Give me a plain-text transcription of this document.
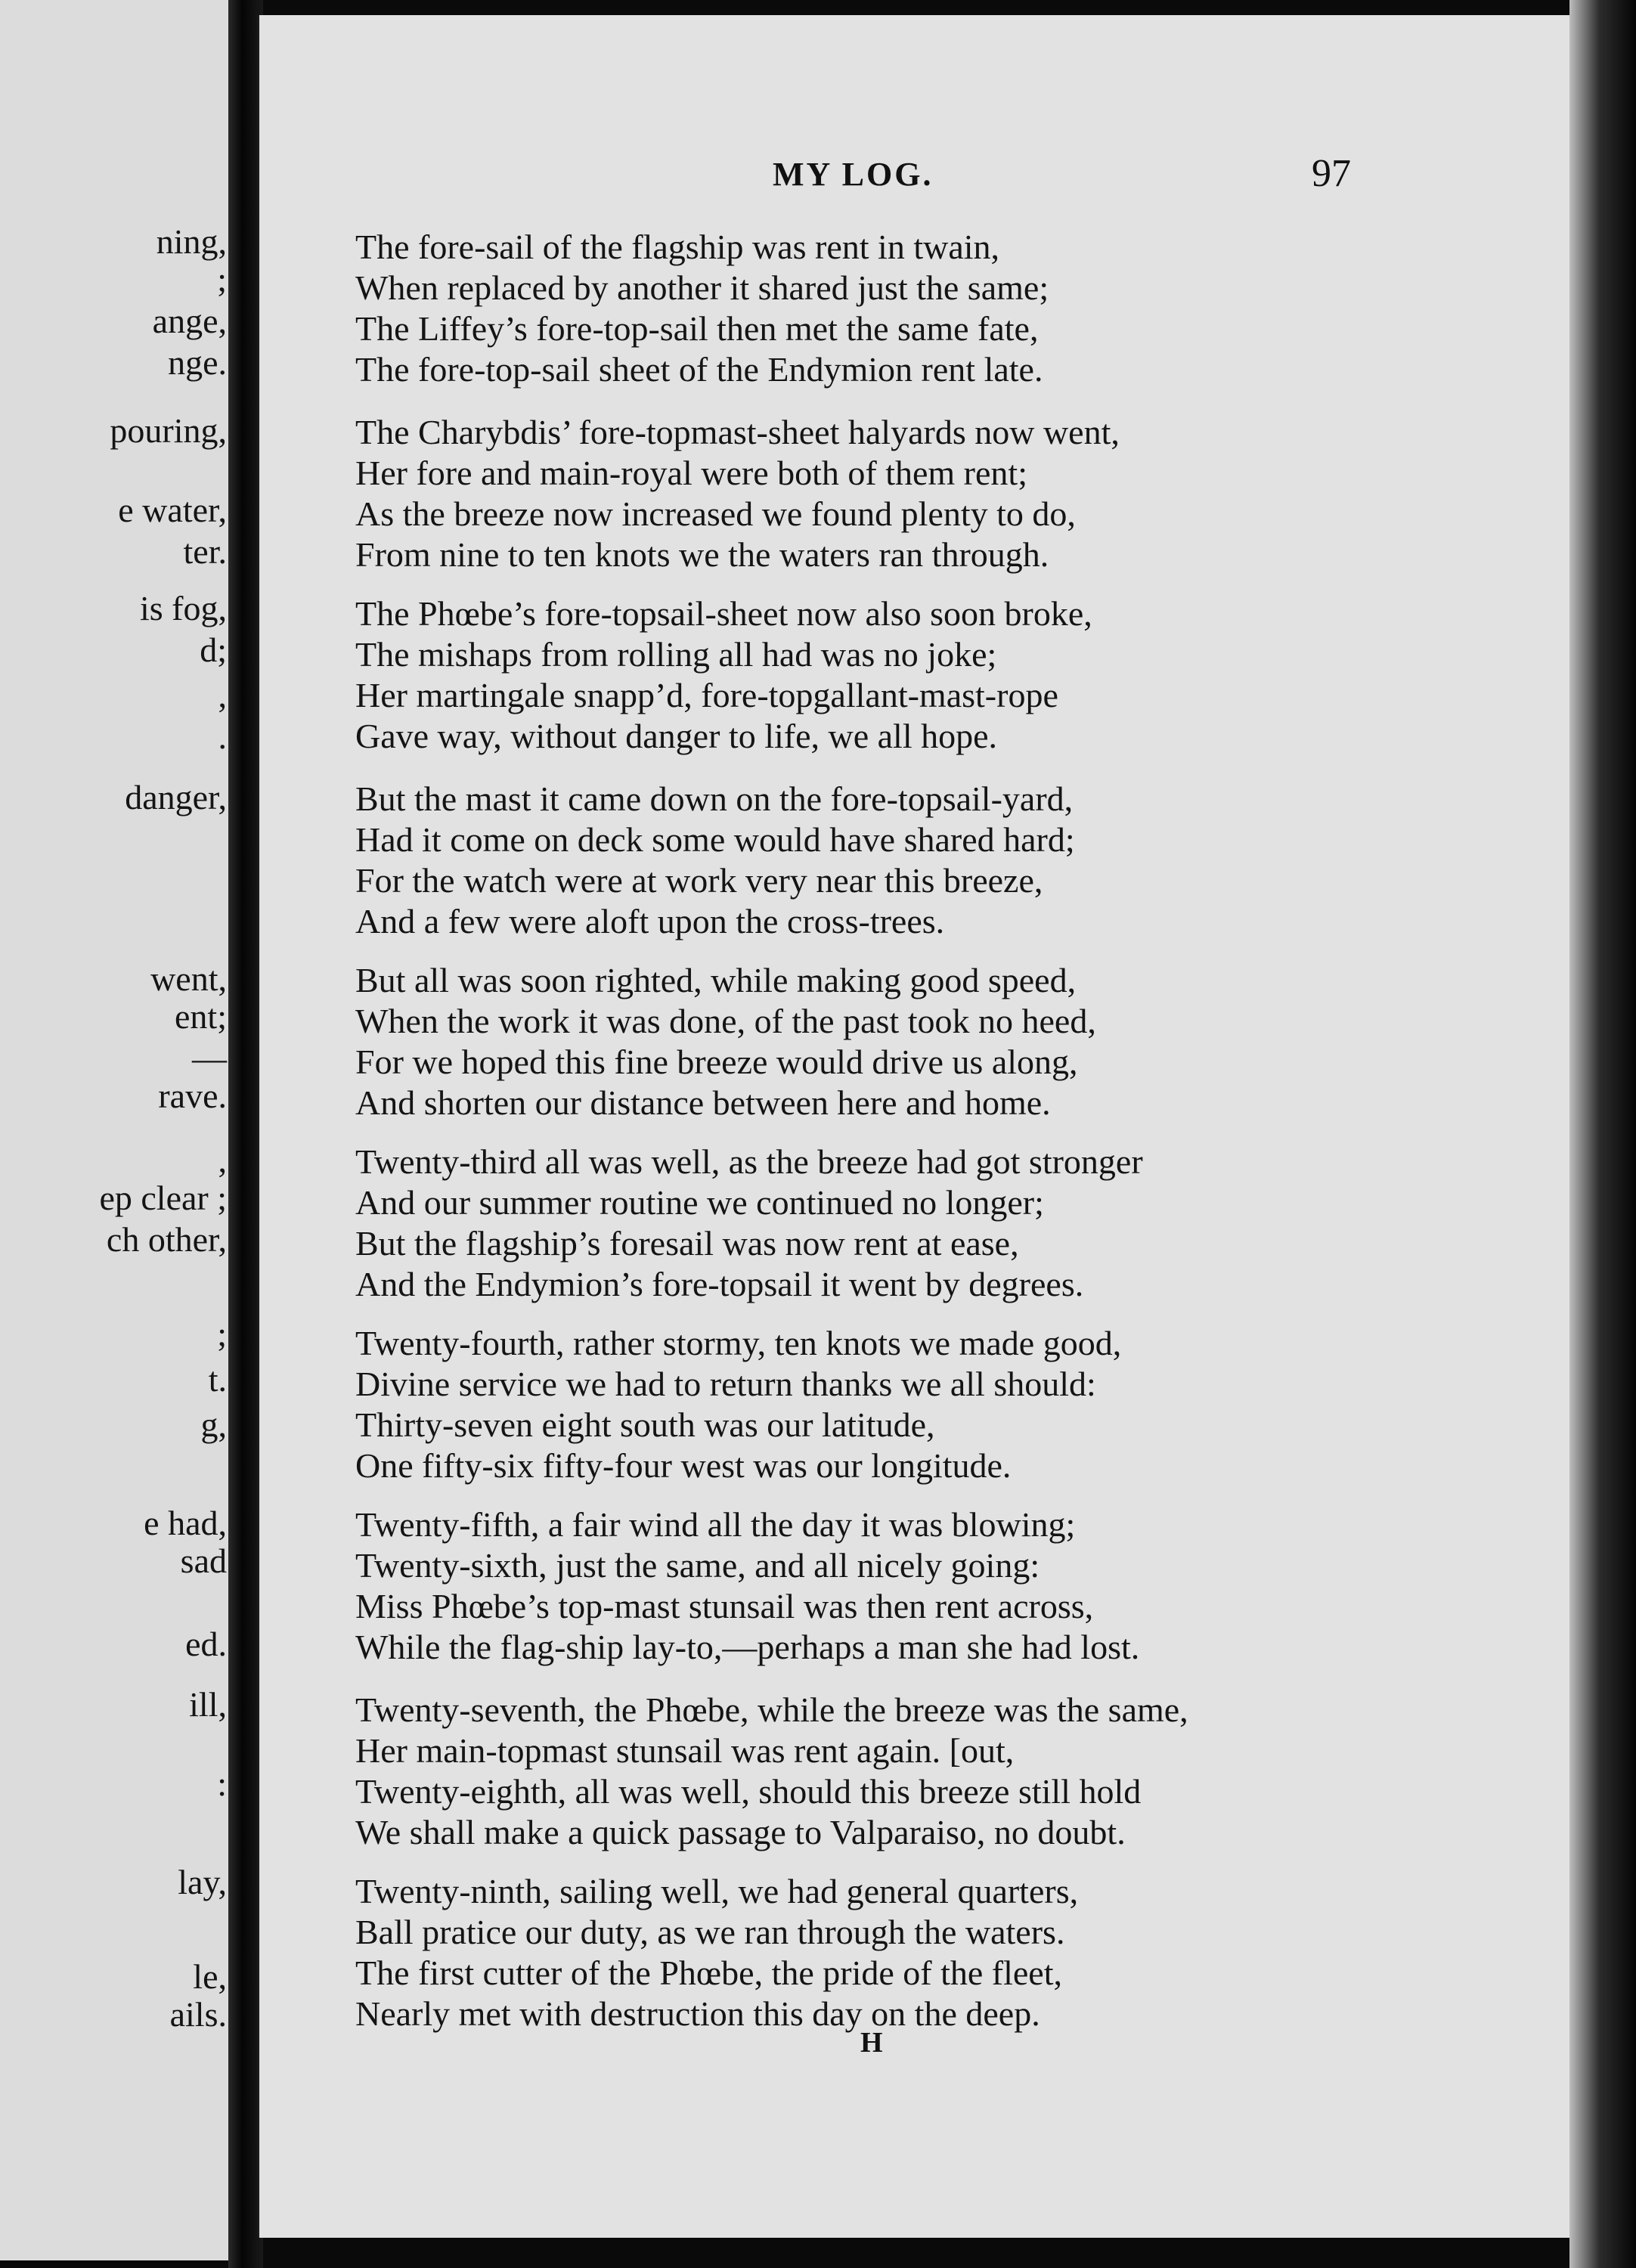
ning,
;
ange,
nge.
pouring,
e water,
ter.
is fog,
d;
,
.
danger,
went,
ent;
—
rave.
,
ep clear ;
ch other,
;
t.
g,
e had,
sad
ed.
ill,
:
lay,
le,
ails.
MY LOG.	97
The fore-sail of the flagship was rent in twain,
When replaced by another it shared just the same;
The Liffey’s fore-top-sail then met the same fate,
The fore-top-sail sheet of the Endymion rent late.
The Charybdis’ fore-topmast-sheet halyards now went,
Her fore and main-royal were both of them rent;
As the breeze now increased we found plenty to do,
From nine to ten knots we the waters ran through.
The Phœbe’s fore-topsail-sheet now also soon broke,
The mishaps from rolling all had was no joke;
Her martingale snapp’d, fore-topgallant-mast-rope
Gave way, without danger to life, we all hope.
But the mast it came down on the fore-topsail-yard,
Had it come on deck some would have shared hard;
For the watch were at work very near this breeze,
And a few were aloft upon the cross-trees.
But all was soon righted, while making good speed,
When the work it was done, of the past took no heed,
For we hoped this fine breeze would drive us along,
And shorten our distance between here and home.
Twenty-third all was well, as the breeze had got stronger
And our summer routine we continued no longer;
But the flagship’s foresail was now rent at ease,
And the Endymion’s fore-topsail it went by degrees.
Twenty-fourth, rather stormy, ten knots we made good,
Divine service we had to return thanks we all should:
Thirty-seven eight south was our latitude,
One fifty-six fifty-four west was our longitude.
Twenty-fifth, a fair wind all the day it was blowing;
Twenty-sixth, just the same, and all nicely going:
Miss Phœbe’s top-mast stunsail was then rent across,
While the flag-ship lay-to,—perhaps a man she had lost.
Twenty-seventh, the Phœbe, while the breeze was the same,
Her main-topmast stunsail was rent again. [out,
Twenty-eighth, all was well, should this breeze still hold
We shall make a quick passage to Valparaiso, no doubt.
Twenty-ninth, sailing well, we had general quarters,
Ball pratice our duty, as we ran through the waters.
The first cutter of the Phœbe, the pride of the fleet,
Nearly met with destruction this day on the deep.
H
